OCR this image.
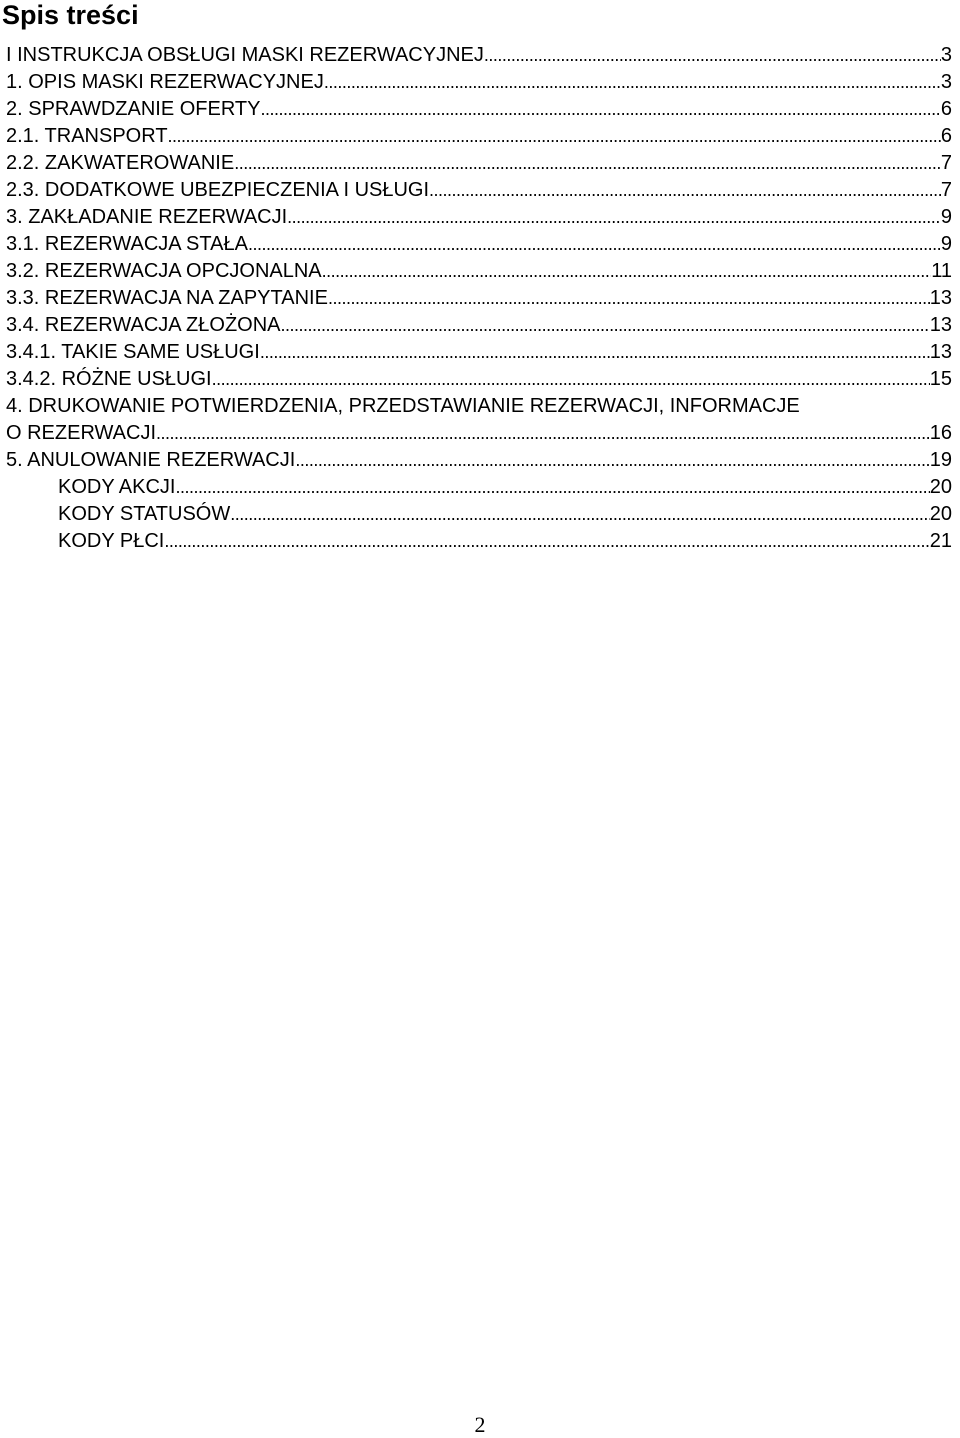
Spis treści
I INSTRUKCJA OBSŁUGI MASKI REZERWACYJNEJ .....	3
1. OPIS MASKI REZERWACYJNEJ .....	3
2. SPRAWDZANIE OFERTY .....	6
2.1. TRANSPORT .....	6
2.2. ZAKWATEROWANIE .....	7
2.3. DODATKOWE UBEZPIECZENIA I USŁUGI .....	7
3. ZAKŁADANIE REZERWACJI .....	9
3.1. REZERWACJA STAŁA .....	9
3.2. REZERWACJA OPCJONALNA .....	11
3.3. REZERWACJA NA ZAPYTANIE .....	13
3.4. REZERWACJA ZŁOŻONA .....	13
3.4.1. TAKIE SAME USŁUGI .....	13
3.4.2. RÓŻNE USŁUGI .....	15
4. DRUKOWANIE POTWIERDZENIA, PRZEDSTAWIANIE REZERWACJI, INFORMACJE
O REZERWACJI .....	16
5. ANULOWANIE REZERWACJI .....	19
KODY AKCJI .....	20
KODY STATUSÓW .....	20
KODY PŁCI .....	21
2
